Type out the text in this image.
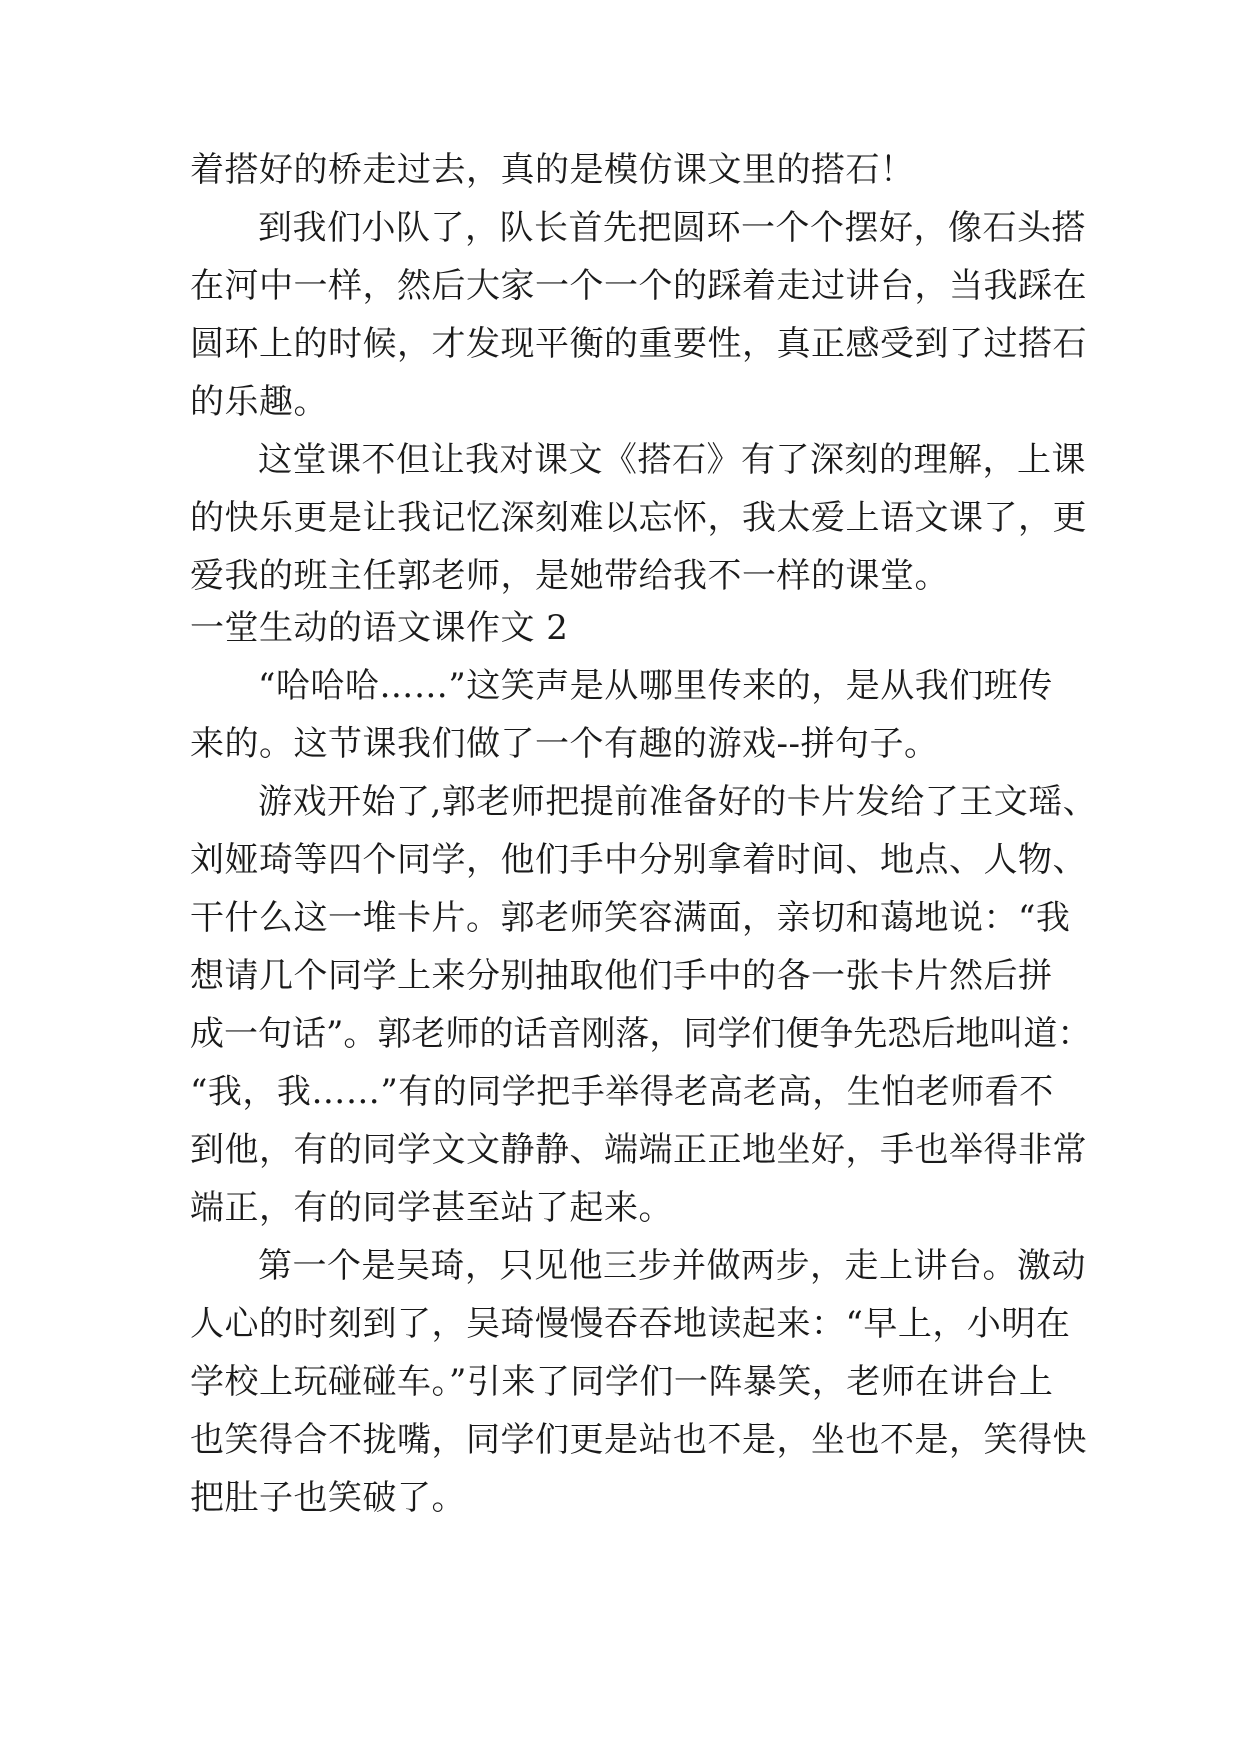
着搭好的桥走过去，真的是模仿课文里的搭石！
到我们小队了，队长首先把圆环一个个摆好，像石头搭
在河中一样，然后大家一个一个的踩着走过讲台，当我踩在
圆环上的时候，才发现平衡的重要性，真正感受到了过搭石
的乐趣。
这堂课不但让我对课文《搭石》有了深刻的理解，上课
的快乐更是让我记忆深刻难以忘怀，我太爱上语文课了，更
爱我的班主任郭老师，是她带给我不一样的课堂。
一堂生动的语文课作文 2
“哈哈哈……”这笑声是从哪里传来的，是从我们班传
来的。这节课我们做了一个有趣的游戏--拼句子。
游戏开始了,郭老师把提前准备好的卡片发给了王文瑶、
刘娅琦等四个同学，他们手中分别拿着时间、地点、人物、
干什么这一堆卡片。郭老师笑容满面，亲切和蔼地说：“我
想请几个同学上来分别抽取他们手中的各一张卡片然后拼
成一句话”。郭老师的话音刚落，同学们便争先恐后地叫道：
“我，我……”有的同学把手举得老高老高，生怕老师看不
到他，有的同学文文静静、端端正正地坐好，手也举得非常
端正，有的同学甚至站了起来。
第一个是吴琦，只见他三步并做两步，走上讲台。激动
人心的时刻到了，吴琦慢慢吞吞地读起来：“早上，小明在
学校上玩碰碰车。”引来了同学们一阵暴笑，老师在讲台上
也笑得合不拢嘴，同学们更是站也不是，坐也不是，笑得快
把肚子也笑破了。
